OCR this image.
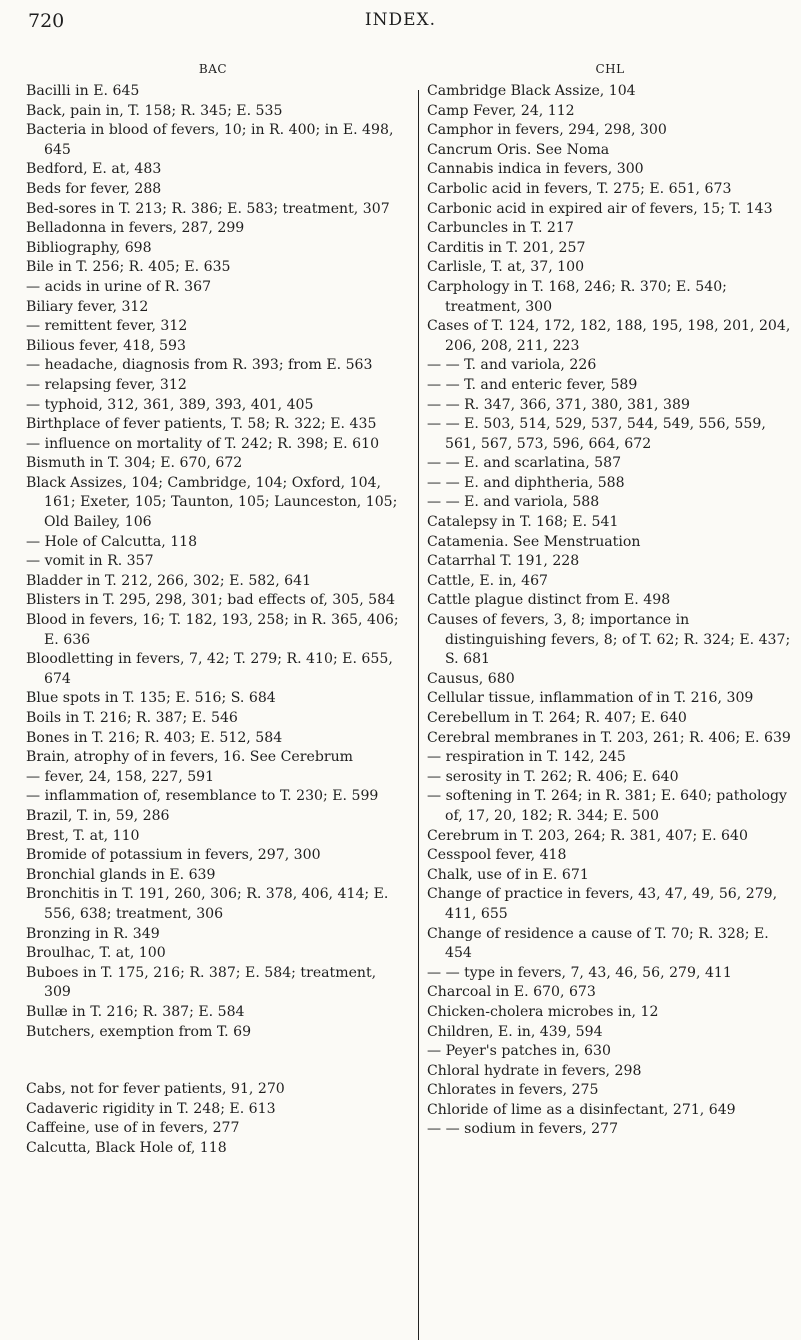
720	INDEX.
BAC
Bacilli in E. 645
Back, pain in, T. 158; R. 345; E. 535
Bacteria in blood of fevers, 10; in R. 400; in E. 498, 645
Bedford, E. at, 483
Beds for fever, 288
Bed-sores in T. 213; R. 386; E. 583; treatment, 307
Belladonna in fevers, 287, 299
Bibliography, 698
Bile in T. 256; R. 405; E. 635
— acids in urine of R. 367
Biliary fever, 312
— remittent fever, 312
Bilious fever, 418, 593
— headache, diagnosis from R. 393; from E. 563
— relapsing fever, 312
— typhoid, 312, 361, 389, 393, 401, 405
Birthplace of fever patients, T. 58; R. 322; E. 435
— influence on mortality of T. 242; R. 398; E. 610
Bismuth in T. 304; E. 670, 672
Black Assizes, 104; Cambridge, 104; Oxford, 104, 161; Exeter, 105; Taunton, 105; Launceston, 105; Old Bailey, 106
— Hole of Calcutta, 118
— vomit in R. 357
Bladder in T. 212, 266, 302; E. 582, 641
Blisters in T. 295, 298, 301; bad effects of, 305, 584
Blood in fevers, 16; T. 182, 193, 258; in R. 365, 406; E. 636
Bloodletting in fevers, 7, 42; T. 279; R. 410; E. 655, 674
Blue spots in T. 135; E. 516; S. 684
Boils in T. 216; R. 387; E. 546
Bones in T. 216; R. 403; E. 512, 584
Brain, atrophy of in fevers, 16. See Cerebrum
— fever, 24, 158, 227, 591
— inflammation of, resemblance to T. 230; E. 599
Brazil, T. in, 59, 286
Brest, T. at, 110
Bromide of potassium in fevers, 297, 300
Bronchial glands in E. 639
Bronchitis in T. 191, 260, 306; R. 378, 406, 414; E. 556, 638; treatment, 306
Bronzing in R. 349
Broulhac, T. at, 100
Buboes in T. 175, 216; R. 387; E. 584; treatment, 309
Bullæ in T. 216; R. 387; E. 584
Butchers, exemption from T. 69
Cabs, not for fever patients, 91, 270
Cadaveric rigidity in T. 248; E. 613
Caffeine, use of in fevers, 277
Calcutta, Black Hole of, 118
CHL
Cambridge Black Assize, 104
Camp Fever, 24, 112
Camphor in fevers, 294, 298, 300
Cancrum Oris. See Noma
Cannabis indica in fevers, 300
Carbolic acid in fevers, T. 275; E. 651, 673
Carbonic acid in expired air of fevers, 15; T. 143
Carbuncles in T. 217
Carditis in T. 201, 257
Carlisle, T. at, 37, 100
Carphology in T. 168, 246; R. 370; E. 540; treatment, 300
Cases of T. 124, 172, 182, 188, 195, 198, 201, 204, 206, 208, 211, 223
— — T. and variola, 226
— — T. and enteric fever, 589
— — R. 347, 366, 371, 380, 381, 389
— — E. 503, 514, 529, 537, 544, 549, 556, 559, 561, 567, 573, 596, 664, 672
— — E. and scarlatina, 587
— — E. and diphtheria, 588
— — E. and variola, 588
Catalepsy in T. 168; E. 541
Catamenia. See Menstruation
Catarrhal T. 191, 228
Cattle, E. in, 467
Cattle plague distinct from E. 498
Causes of fevers, 3, 8; importance in distinguishing fevers, 8; of T. 62; R. 324; E. 437; S. 681
Causus, 680
Cellular tissue, inflammation of in T. 216, 309
Cerebellum in T. 264; R. 407; E. 640
Cerebral membranes in T. 203, 261; R. 406; E. 639
— respiration in T. 142, 245
— serosity in T. 262; R. 406; E. 640
— softening in T. 264; in R. 381; E. 640; pathology of, 17, 20, 182; R. 344; E. 500
Cerebrum in T. 203, 264; R. 381, 407; E. 640
Cesspool fever, 418
Chalk, use of in E. 671
Change of practice in fevers, 43, 47, 49, 56, 279, 411, 655
Change of residence a cause of T. 70; R. 328; E. 454
— — type in fevers, 7, 43, 46, 56, 279, 411
Charcoal in E. 670, 673
Chicken-cholera microbes in, 12
Children, E. in, 439, 594
— Peyer's patches in, 630
Chloral hydrate in fevers, 298
Chlorates in fevers, 275
Chloride of lime as a disinfectant, 271, 649
— — sodium in fevers, 277
